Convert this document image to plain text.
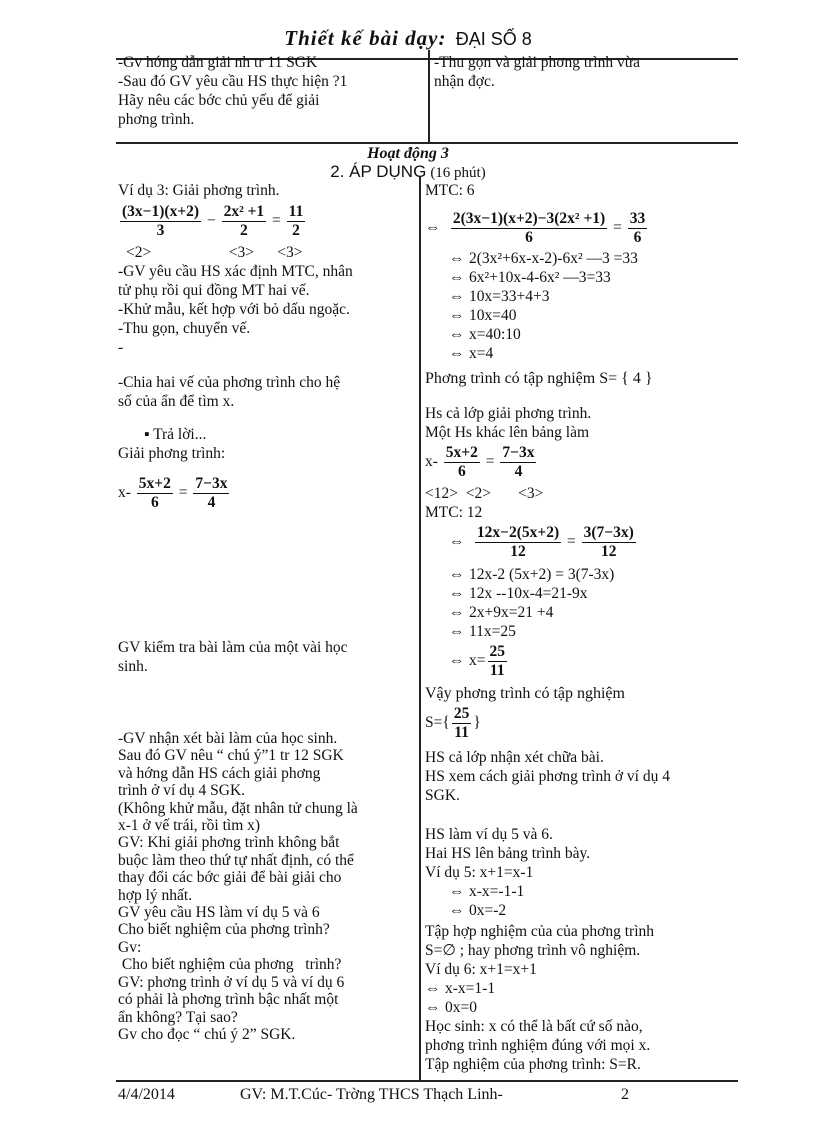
Thiết kế bài dạy: ĐẠI SỐ 8
-Gv hớng dẫn giải nh tr 11 SGK
-Sau đó GV yêu cầu HS thực hiện ?1
Hãy nêu các bớc chủ yếu để giải
phơng trình.
-Thu gọn và giải phơng trình vừa
nhận đợc.
Hoạt động 3
2. ÁP DỤNG (16 phút)
Ví dụ 3: Giải phơng trình.
$\frac{(3x-1)(x+2)}{3} - \frac{\text{2x² +1}}{2} = \frac{11}{2}$
<2>                    <3>      <3>
-GV yêu cầu HS xác định MTC, nhân
tử phụ rồi qui đồng MT hai vế.
-Khử mẫu, kết hợp với bỏ dấu ngoặc.
-Thu gọn, chuyển vế.
-
-Chia hai vế của phơng trình cho hệ
số của ẩn để tìm x.
▪ Trả lời...
Giải phơng trình:
$x- \frac{5x+2}{6} = \frac{7-3x}{4}$
GV kiểm tra bài làm của một vài học
sinh.
-GV nhận xét bài làm của học sinh.
Sau đó GV nêu “ chú ý”1 tr 12 SGK
và hớng dẫn HS cách giải phơng
trình ở ví dụ 4 SGK.
(Không khử mẫu, đặt nhân tử chung là
x-1 ở vế trái, rồi tìm x)
GV: Khi giải phơng trình không bắt
buộc làm theo thứ tự nhất định, có thể
thay đổi các bớc giải để bài giải cho
hợp lý nhất.
GV yêu cầu HS làm ví dụ 5 và 6
Cho biết nghiệm của phơng trình?
Gv:
Cho biết nghiệm của phơng   trình?
GV: phơng trình ở ví dụ 5 và ví dụ 6
có phải là phơng trình bậc nhất một
ẩn không? Tại sao?
Gv cho đọc “ chú ý 2” SGK.
MTC: 6
⇔ $\frac{\text{2(3x−1)(x+2)−3(2x² +1)}}{6} = \frac{33}{6}$
⇔ 2(3x²+6x-x-2)-6x² —3 =33
⇔ 6x²+10x-4-6x² —3=33
⇔ 10x=33+4+3
⇔ 10x=40
⇔ x=40:10
⇔ x=4
Phơng trình có tập nghiệm S= { 4 }
Hs cả lớp giải phơng trình.
Một Hs khác lên bảng làm
$x- \frac{5x+2}{6} = \frac{7-3x}{4}$
<12>  <2>       <3>
MTC: 12
⇔ $\frac{12x-2(5x+2)}{12} = \frac{3(7-3x)}{12}$
⇔ 12x-2 (5x+2) = 3(7-3x)
⇔ 12x --10x-4=21-9x
⇔ 2x+9x=21 +4
⇔ 11x=25
⇔ $x= \frac{25}{11}$
Vậy phơng trình có tập nghiệm
$S=\{ \frac{25}{11}$ }
HS cả lớp nhận xét chữa bài.
HS xem cách giải phơng trình ở ví dụ 4
SGK.
HS làm ví dụ 5 và 6.
Hai HS lên bảng trình bày.
Ví dụ 5: x+1=x-1
⇔ x-x=-1-1
⇔ 0x=-2
Tập hợp nghiệm của của phơng trình
S=∅ ; hay phơng trình vô nghiệm.
Ví dụ 6: x+1=x+1
⇔ x-x=1-1
⇔ 0x=0
Học sinh: x có thể là bất cứ số nào,
phơng trình nghiệm đúng với mọi x.
Tập nghiệm của phơng trình: S=R.
4/4/2014	GV: M.T.Cúc- Trờng THCS Thạch Linh-	2
